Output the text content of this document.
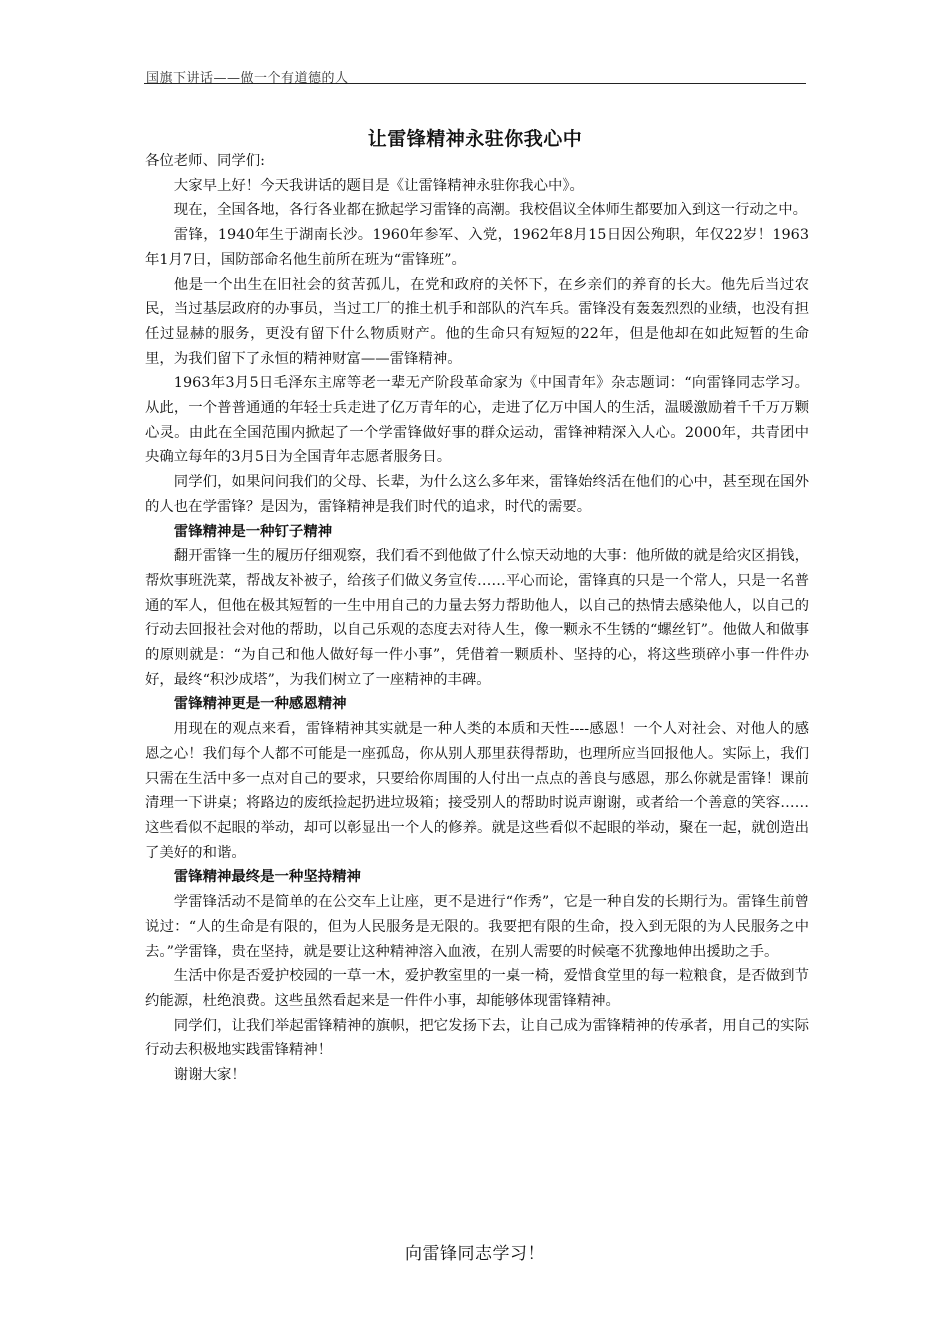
国旗下讲话——做一个有道德的人
让雷锋精神永驻你我心中

各位老师、同学们:

大家早上好！今天我讲话的题目是《让雷锋精神永驻你我心中》。

现在，全国各地，各行各业都在掀起学习雷锋的高潮。我校倡议全体师生都要加入到这一行动之中。

雷锋，1940年生于湖南长沙。1960年参军、入党，1962年8月15日因公殉职，年仅22岁！1963年1月7日，国防部命名他生前所在班为“雷锋班”。

他是一个出生在旧社会的贫苦孤儿，在党和政府的关怀下，在乡亲们的养育的长大。他先后当过农民，当过基层政府的办事员，当过工厂的推土机手和部队的汽车兵。雷锋没有轰轰烈烈的业绩，也没有担任过显赫的服务，更没有留下什么物质财产。他的生命只有短短的22年，但是他却在如此短暂的生命里，为我们留下了永恒的精神财富——雷锋精神。

1963年3月5日毛泽东主席等老一辈无产阶段革命家为《中国青年》杂志题词：“向雷锋同志学习。从此，一个普普通通的年轻士兵走进了亿万青年的心，走进了亿万中国人的生活，温暖激励着千千万万颗心灵。由此在全国范围内掀起了一个学雷锋做好事的群众运动，雷锋神精深入人心。2000年，共青团中央确立每年的3月5日为全国青年志愿者服务日。

同学们，如果问问我们的父母、长辈，为什么这么多年来，雷锋始终活在他们的心中，甚至现在国外的人也在学雷锋？是因为，雷锋精神是我们时代的追求，时代的需要。

雷锋精神是一种钉子精神

翻开雷锋一生的履历仔细观察，我们看不到他做了什么惊天动地的大事：他所做的就是给灾区捐钱，帮炊事班洗菜，帮战友补被子，给孩子们做义务宣传……平心而论，雷锋真的只是一个常人，只是一名普通的军人，但他在极其短暂的一生中用自己的力量去努力帮助他人，以自己的热情去感染他人，以自己的行动去回报社会对他的帮助，以自己乐观的态度去对待人生，像一颗永不生锈的“螺丝钉”。他做人和做事的原则就是：“为自己和他人做好每一件小事”，凭借着一颗质朴、坚持的心，将这些琐碎小事一件件办好，最终“积沙成塔”，为我们树立了一座精神的丰碑。

雷锋精神更是一种感恩精神

用现在的观点来看，雷锋精神其实就是一种人类的本质和天性----感恩！一个人对社会、对他人的感恩之心！我们每个人都不可能是一座孤岛，你从别人那里获得帮助，也理所应当回报他人。实际上，我们只需在生活中多一点对自己的要求，只要给你周围的人付出一点点的善良与感恩，那么你就是雷锋！课前清理一下讲桌；将路边的废纸捡起扔进垃圾箱；接受别人的帮助时说声谢谢，或者给一个善意的笑容……这些看似不起眼的举动，却可以彰显出一个人的修养。就是这些看似不起眼的举动，聚在一起，就创造出了美好的和谐。

雷锋精神最终是一种坚持精神

学雷锋活动不是简单的在公交车上让座，更不是进行“作秀”，它是一种自发的长期行为。雷锋生前曾说过：“人的生命是有限的，但为人民服务是无限的。我要把有限的生命，投入到无限的为人民服务之中去。”学雷锋，贵在坚持，就是要让这种精神溶入血液，在别人需要的时候毫不犹豫地伸出援助之手。

生活中你是否爱护校园的一草一木，爱护教室里的一桌一椅，爱惜食堂里的每一粒粮食，是否做到节约能源，杜绝浪费。这些虽然看起来是一件件小事，却能够体现雷锋精神。

同学们，让我们举起雷锋精神的旗帜，把它发扬下去，让自己成为雷锋精神的传承者，用自己的实际行动去积极地实践雷锋精神！

谢谢大家！

向雷锋同志学习！
